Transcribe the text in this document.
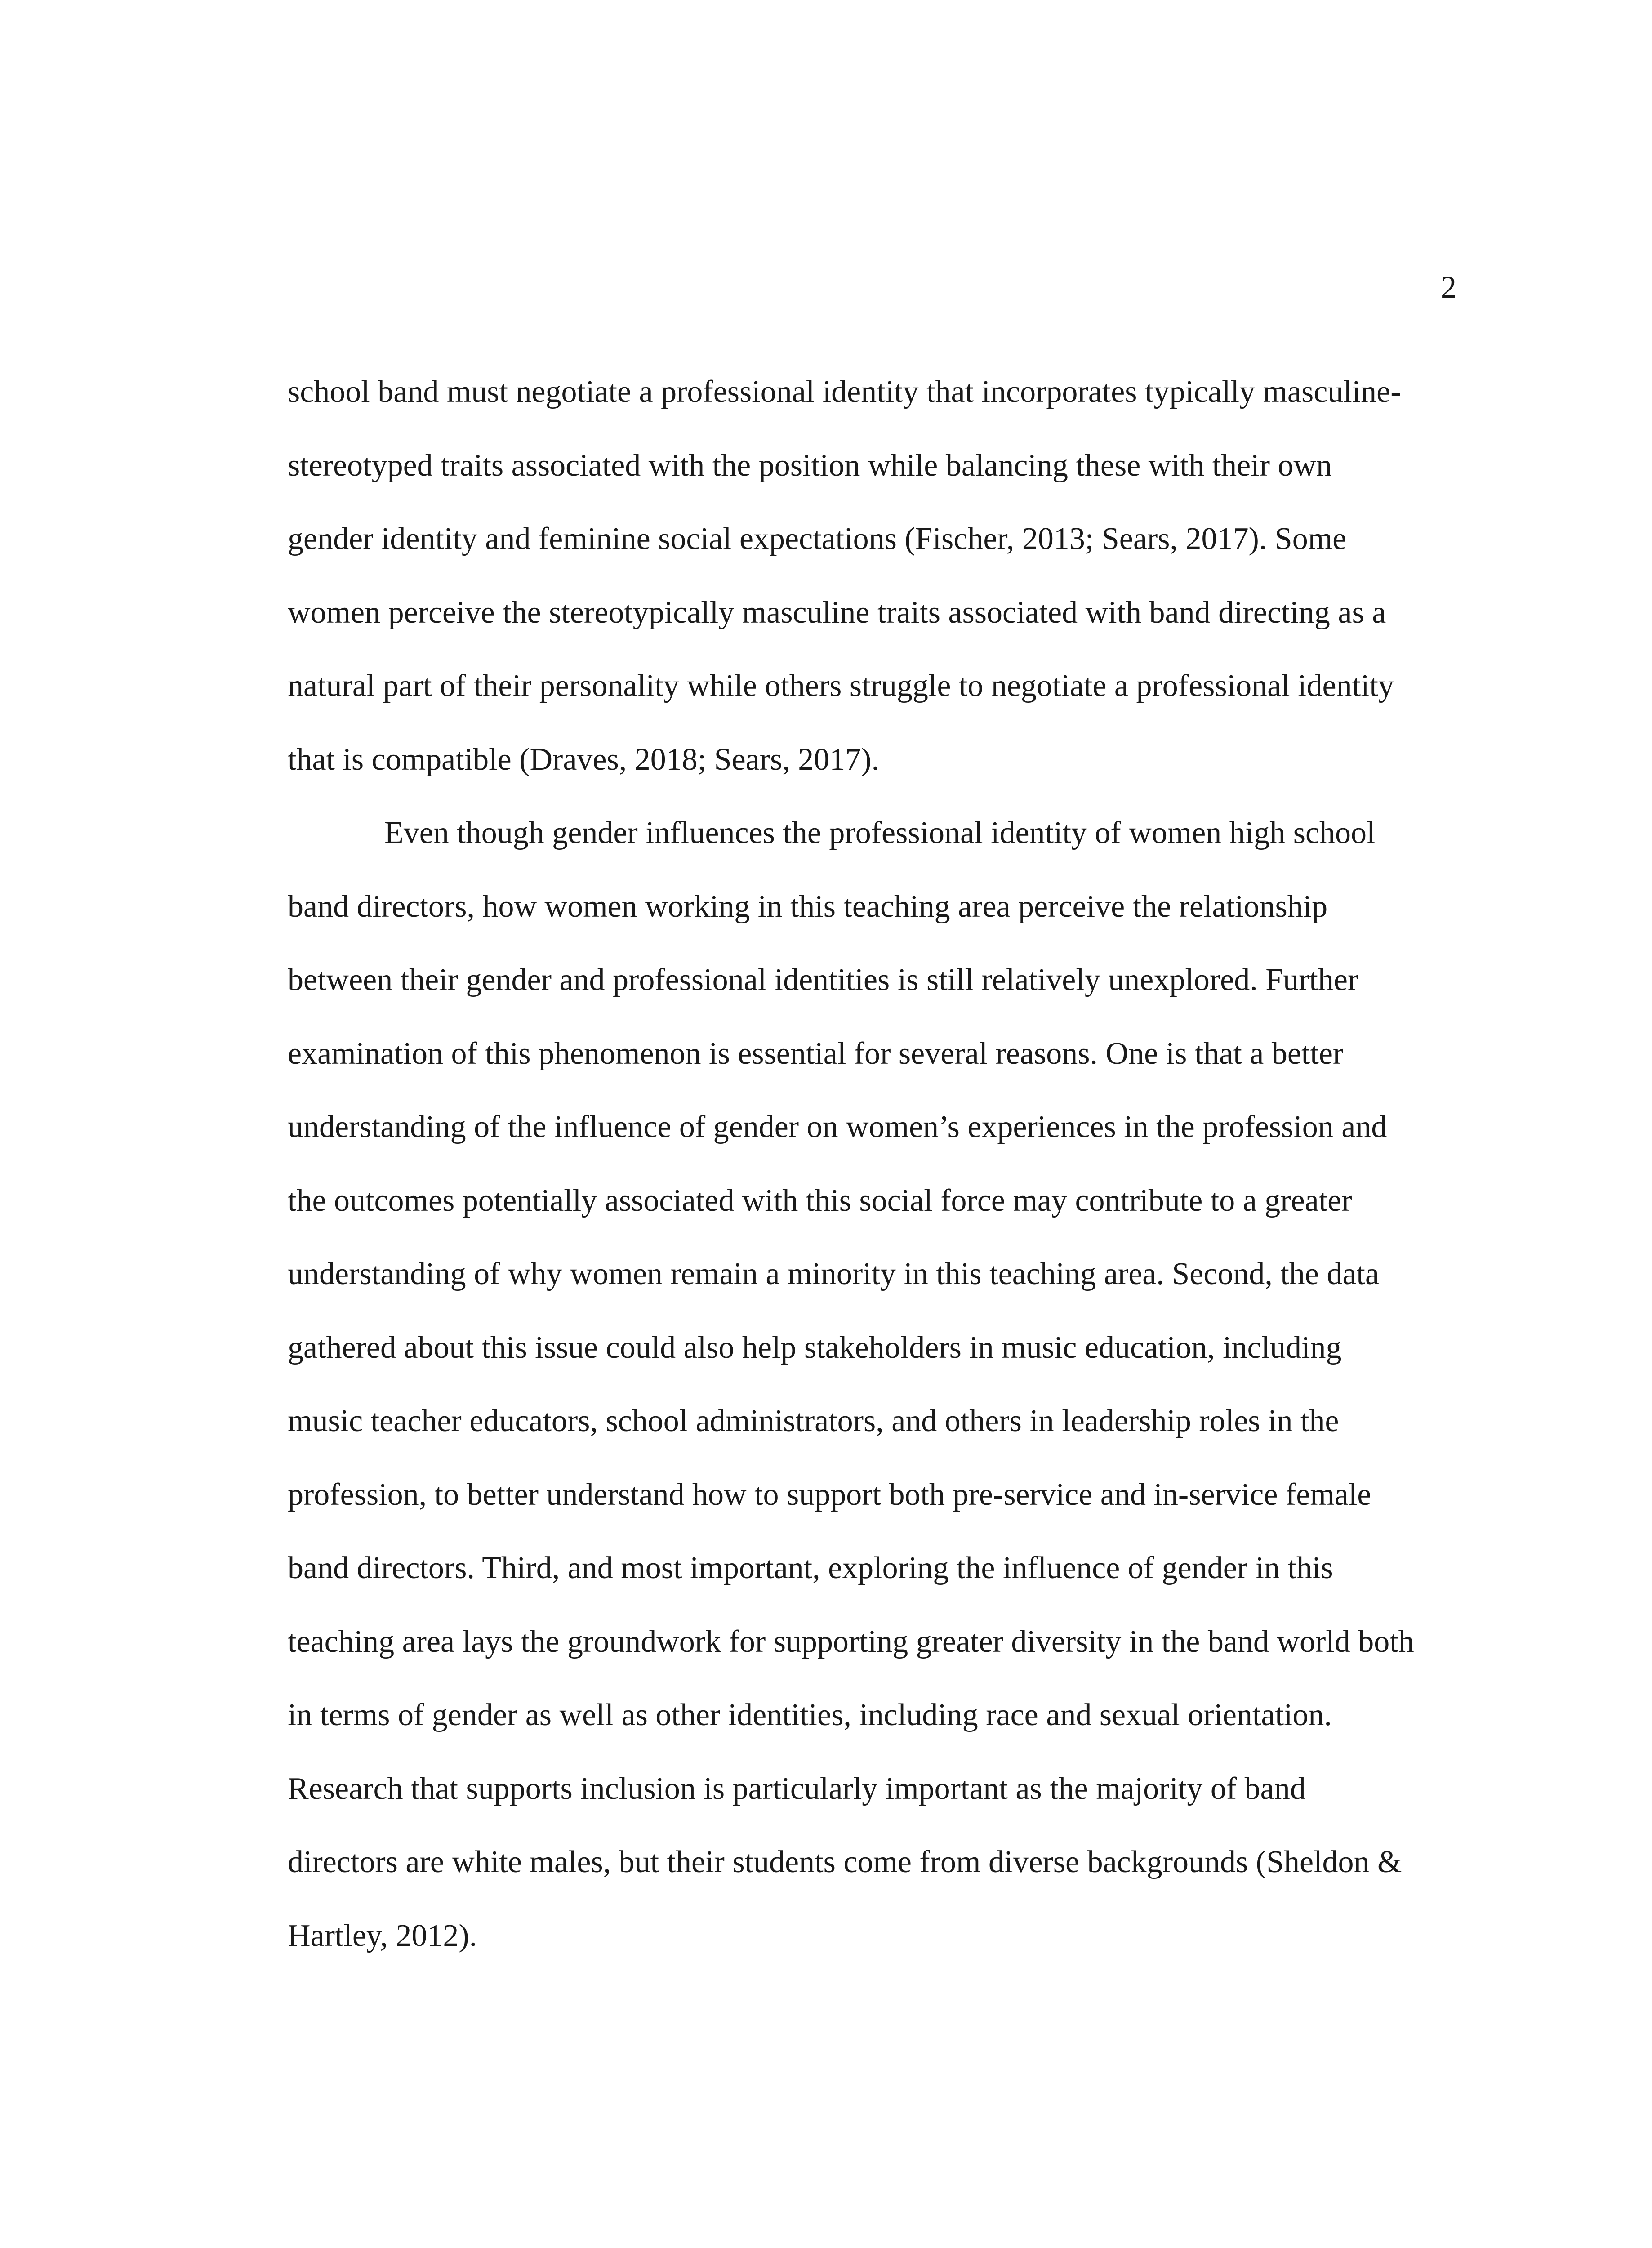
2
school band must negotiate a professional identity that incorporates typically masculine-
stereotyped traits associated with the position while balancing these with their own
gender identity and feminine social expectations (Fischer, 2013; Sears, 2017). Some
women perceive the stereotypically masculine traits associated with band directing as a
natural part of their personality while others struggle to negotiate a professional identity
that is compatible (Draves, 2018; Sears, 2017).
Even though gender influences the professional identity of women high school
band directors, how women working in this teaching area perceive the relationship
between their gender and professional identities is still relatively unexplored. Further
examination of this phenomenon is essential for several reasons. One is that a better
understanding of the influence of gender on women’s experiences in the profession and
the outcomes potentially associated with this social force may contribute to a greater
understanding of why women remain a minority in this teaching area. Second, the data
gathered about this issue could also help stakeholders in music education, including
music teacher educators, school administrators, and others in leadership roles in the
profession, to better understand how to support both pre-service and in-service female
band directors. Third, and most important, exploring the influence of gender in this
teaching area lays the groundwork for supporting greater diversity in the band world both
in terms of gender as well as other identities, including race and sexual orientation.
Research that supports inclusion is particularly important as the majority of band
directors are white males, but their students come from diverse backgrounds (Sheldon &
Hartley, 2012).
